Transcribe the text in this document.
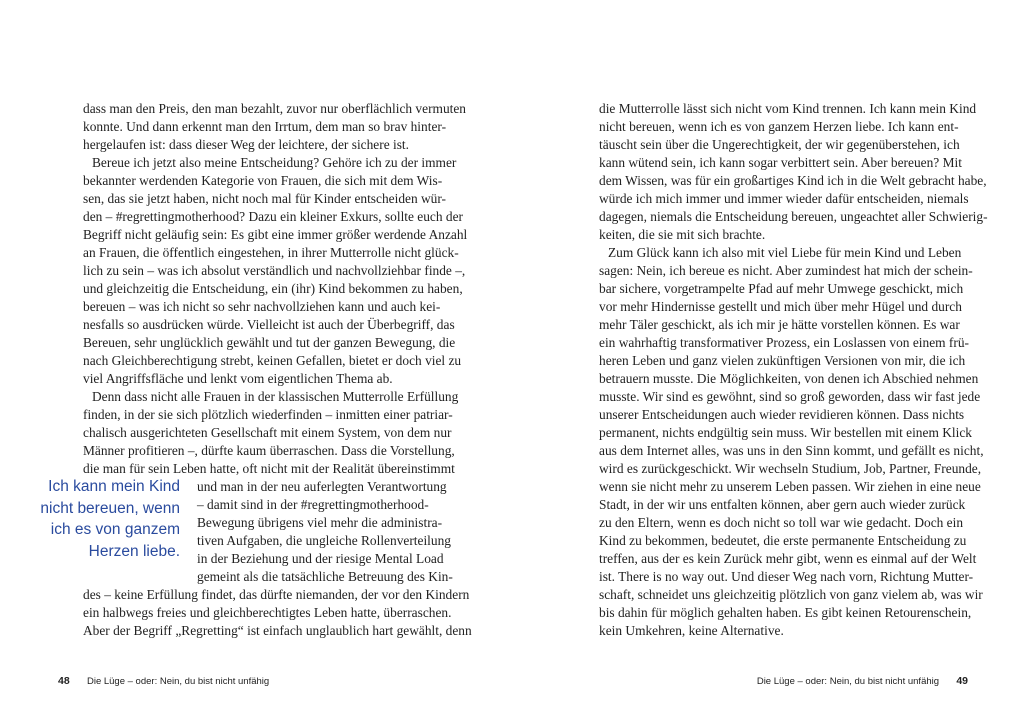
dass man den Preis, den man bezahlt, zuvor nur oberflächlich vermuten
konnte. Und dann erkennt man den Irrtum, dem man so brav hinter-
hergelaufen ist: dass dieser Weg der leichtere, der sichere ist.
Bereue ich jetzt also meine Entscheidung? Gehöre ich zu der immer
bekannter werdenden Kategorie von Frauen, die sich mit dem Wis-
sen, das sie jetzt haben, nicht noch mal für Kinder entscheiden wür-
den – #regrettingmotherhood? Dazu ein kleiner Exkurs, sollte euch der
Begriff nicht geläufig sein: Es gibt eine immer größer werdende Anzahl
an Frauen, die öffentlich eingestehen, in ihrer Mutterrolle nicht glück-
lich zu sein – was ich absolut verständlich und nachvollziehbar finde –,
und gleichzeitig die Entscheidung, ein (ihr) Kind bekommen zu haben,
bereuen – was ich nicht so sehr nachvollziehen kann und auch kei-
nesfalls so ausdrücken würde. Vielleicht ist auch der Überbegriff, das
Bereuen, sehr unglücklich gewählt und tut der ganzen Bewegung, die
nach Gleichberechtigung strebt, keinen Gefallen, bietet er doch viel zu
viel Angriffsfläche und lenkt vom eigentlichen Thema ab.
Denn dass nicht alle Frauen in der klassischen Mutterrolle Erfüllung
finden, in der sie sich plötzlich wiederfinden – inmitten einer patriar-
chalisch ausgerichteten Gesellschaft mit einem System, von dem nur
Männer profitieren –, dürfte kaum überraschen. Dass die Vorstellung,
die man für sein Leben hatte, oft nicht mit der Realität übereinstimmt
und man in der neu auferlegten Verantwortung
– damit sind in der #regrettingmotherhood-
Bewegung übrigens viel mehr die administra-
tiven Aufgaben, die ungleiche Rollenverteilung
in der Beziehung und der riesige Mental Load
gemeint als die tatsächliche Betreuung des Kin-
des – keine Erfüllung findet, das dürfte niemanden, der vor den Kindern
ein halbwegs freies und gleichberechtigtes Leben hatte, überraschen.
Aber der Begriff „Regretting“ ist einfach unglaublich hart gewählt, denn
Ich kann mein Kind
nicht bereuen, wenn
ich es von ganzem
Herzen liebe.
48 Die Lüge – oder: Nein, du bist nicht unfähig
die Mutterrolle lässt sich nicht vom Kind trennen. Ich kann mein Kind
nicht bereuen, wenn ich es von ganzem Herzen liebe. Ich kann ent-
täuscht sein über die Ungerechtigkeit, der wir gegenüberstehen, ich
kann wütend sein, ich kann sogar verbittert sein. Aber bereuen? Mit
dem Wissen, was für ein großartiges Kind ich in die Welt gebracht habe,
würde ich mich immer und immer wieder dafür entscheiden, niemals
dagegen, niemals die Entscheidung bereuen, ungeachtet aller Schwierig-
keiten, die sie mit sich brachte.
Zum Glück kann ich also mit viel Liebe für mein Kind und Leben
sagen: Nein, ich bereue es nicht. Aber zumindest hat mich der schein-
bar sichere, vorgetrampelte Pfad auf mehr Umwege geschickt, mich
vor mehr Hindernisse gestellt und mich über mehr Hügel und durch
mehr Täler geschickt, als ich mir je hätte vorstellen können. Es war
ein wahrhaftig transformativer Prozess, ein Loslassen von einem frü-
heren Leben und ganz vielen zukünftigen Versionen von mir, die ich
betrauern musste. Die Möglichkeiten, von denen ich Abschied nehmen
musste. Wir sind es gewöhnt, sind so groß geworden, dass wir fast jede
unserer Entscheidungen auch wieder revidieren können. Dass nichts
permanent, nichts endgültig sein muss. Wir bestellen mit einem Klick
aus dem Internet alles, was uns in den Sinn kommt, und gefällt es nicht,
wird es zurückgeschickt. Wir wechseln Studium, Job, Partner, Freunde,
wenn sie nicht mehr zu unserem Leben passen. Wir ziehen in eine neue
Stadt, in der wir uns entfalten können, aber gern auch wieder zurück
zu den Eltern, wenn es doch nicht so toll war wie gedacht. Doch ein
Kind zu bekommen, bedeutet, die erste permanente Entscheidung zu
treffen, aus der es kein Zurück mehr gibt, wenn es einmal auf der Welt
ist. There is no way out. Und dieser Weg nach vorn, Richtung Mutter-
schaft, schneidet uns gleichzeitig plötzlich von ganz vielem ab, was wir
bis dahin für möglich gehalten haben. Es gibt keinen Retourenschein,
kein Umkehren, keine Alternative.
Die Lüge – oder: Nein, du bist nicht unfähig 49
